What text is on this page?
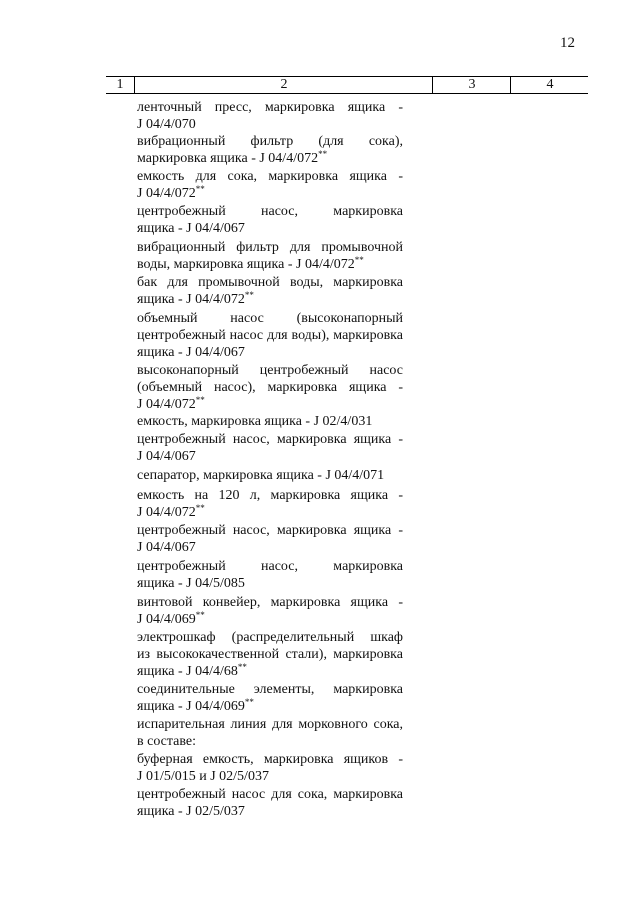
12
1	2	3	4
ленточный пресс, маркировка ящика -
J 04/4/070
вибрационный фильтр (для сока),
маркировка ящика - J 04/4/072**
емкость для сока, маркировка ящика -
J 04/4/072**
центробежный насос, маркировка
ящика - J 04/4/067
вибрационный фильтр для промывочной
воды, маркировка ящика - J 04/4/072**
бак для промывочной воды, маркировка
ящика - J 04/4/072**
объемный насос (высоконапорный
центробежный насос для воды), маркировка
ящика - J 04/4/067
высоконапорный центробежный насос
(объемный насос), маркировка ящика -
J 04/4/072**
емкость, маркировка ящика - J 02/4/031
центробежный насос, маркировка ящика -
J 04/4/067
сепаратор, маркировка ящика - J 04/4/071
емкость на 120 л, маркировка ящика -
J 04/4/072**
центробежный насос, маркировка ящика -
J 04/4/067
центробежный насос, маркировка
ящика - J 04/5/085
винтовой конвейер, маркировка ящика -
J 04/4/069**
электрошкаф (распределительный шкаф
из высококачественной стали), маркировка
ящика - J 04/4/68**
соединительные элементы, маркировка
ящика - J 04/4/069**
испарительная линия для морковного сока,
в составе:
буферная емкость, маркировка ящиков -
J 01/5/015 и J 02/5/037
центробежный насос для сока, маркировка
ящика - J 02/5/037
